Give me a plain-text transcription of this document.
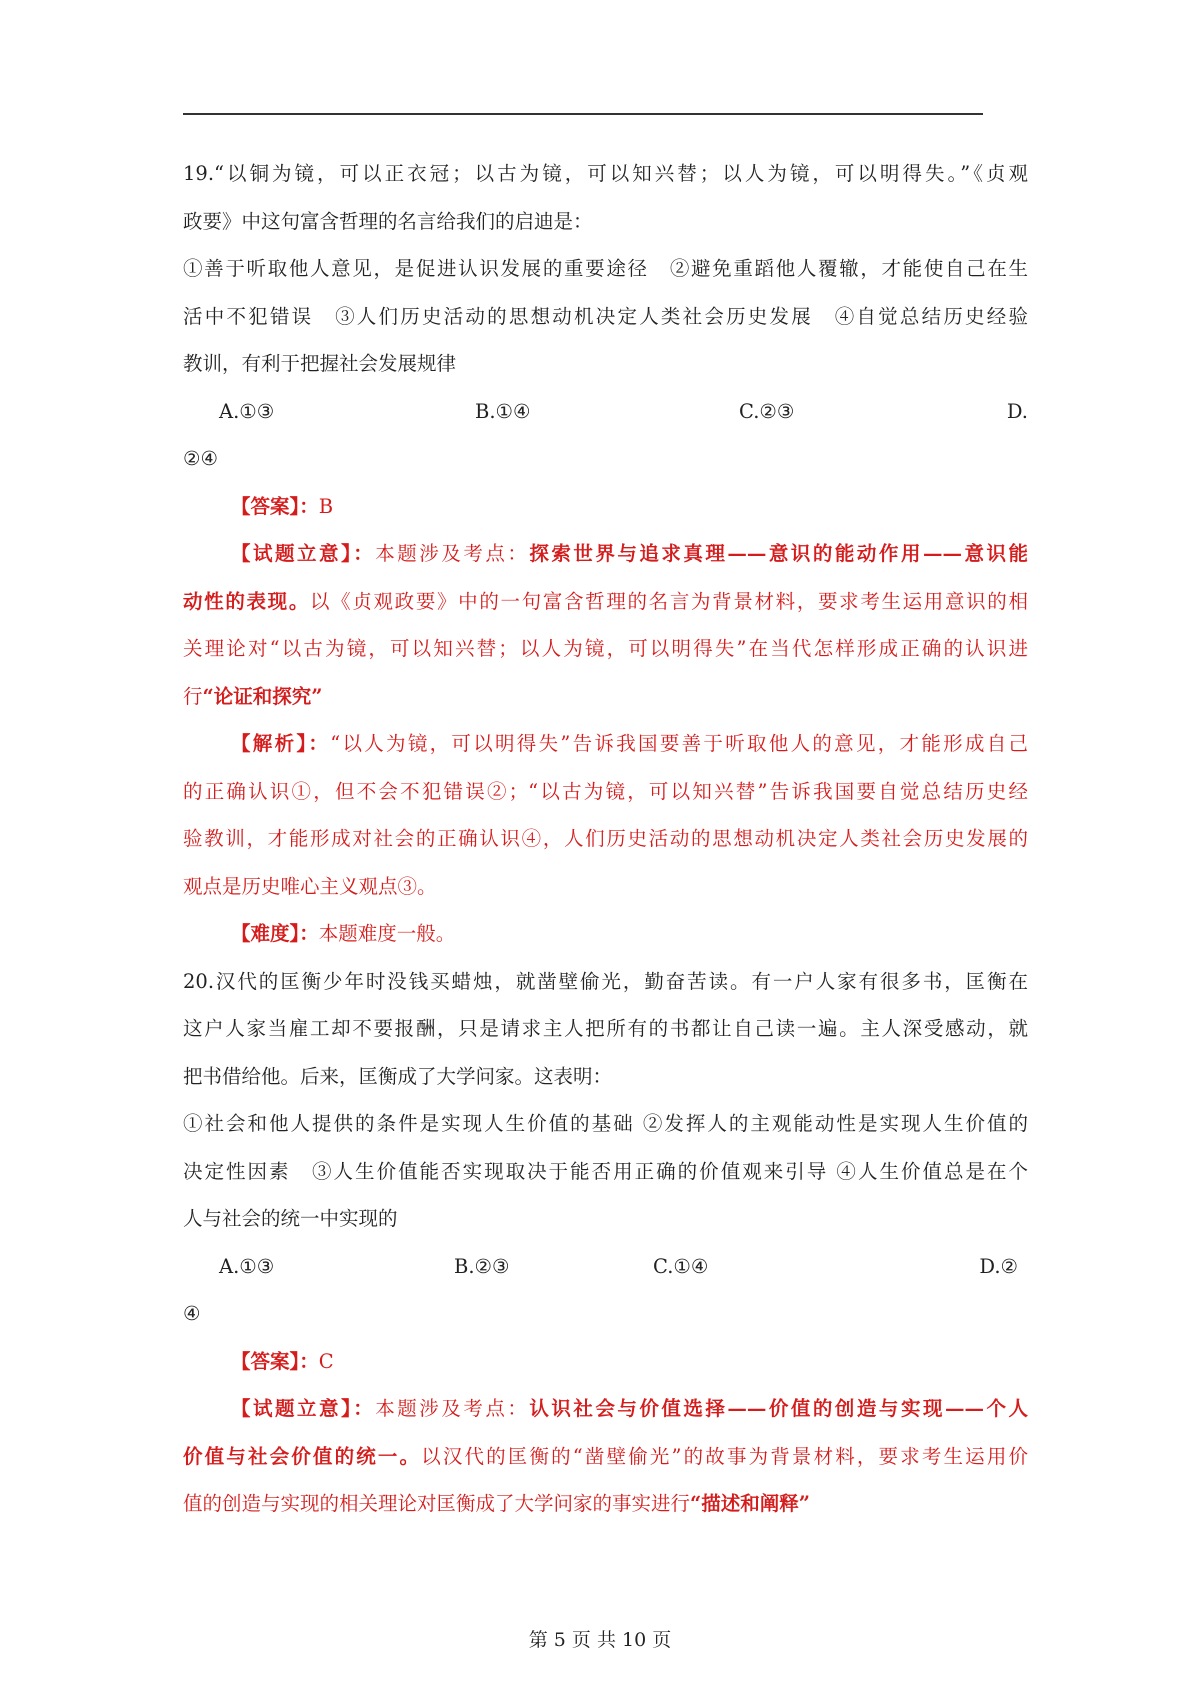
19.“以铜为镜，可以正衣冠；以古为镜，可以知兴替；以人为镜，可以明得失。”《贞观
政要》中这句富含哲理的名言给我们的启迪是：
①善于听取他人意见，是促进认识发展的重要途径　②避免重蹈他人覆辙，才能使自己在生
活中不犯错误　③人们历史活动的思想动机决定人类社会历史发展　④自觉总结历史经验
教训，有利于把握社会发展规律
A.①③	B.①④	C.②③	D.
②④
【答案】：B
【试题立意】：本题涉及考点：探索世界与追求真理——意识的能动作用——意识能
动性的表现。以《贞观政要》中的一句富含哲理的名言为背景材料，要求考生运用意识的相
关理论对“以古为镜，可以知兴替；以人为镜，可以明得失”在当代怎样形成正确的认识进
行“论证和探究”
【解析】：“以人为镜，可以明得失”告诉我国要善于听取他人的意见，才能形成自己
的正确认识①，但不会不犯错误②；“以古为镜，可以知兴替”告诉我国要自觉总结历史经
验教训，才能形成对社会的正确认识④，人们历史活动的思想动机决定人类社会历史发展的
观点是历史唯心主义观点③。
【难度】：本题难度一般。
20.汉代的匡衡少年时没钱买蜡烛，就凿壁偷光，勤奋苦读。有一户人家有很多书，匡衡在
这户人家当雇工却不要报酬，只是请求主人把所有的书都让自己读一遍。主人深受感动，就
把书借给他。后来，匡衡成了大学问家。这表明：
①社会和他人提供的条件是实现人生价值的基础 ②发挥人的主观能动性是实现人生价值的
决定性因素　③人生价值能否实现取决于能否用正确的价值观来引导 ④人生价值总是在个
人与社会的统一中实现的
A.①③	B.②③	C.①④	D.②
④
【答案】：C
【试题立意】：本题涉及考点：认识社会与价值选择——价值的创造与实现——个人
价值与社会价值的统一。以汉代的匡衡的“凿壁偷光”的故事为背景材料，要求考生运用价
值的创造与实现的相关理论对匡衡成了大学问家的事实进行“描述和阐释”
第 5 页 共 10 页
